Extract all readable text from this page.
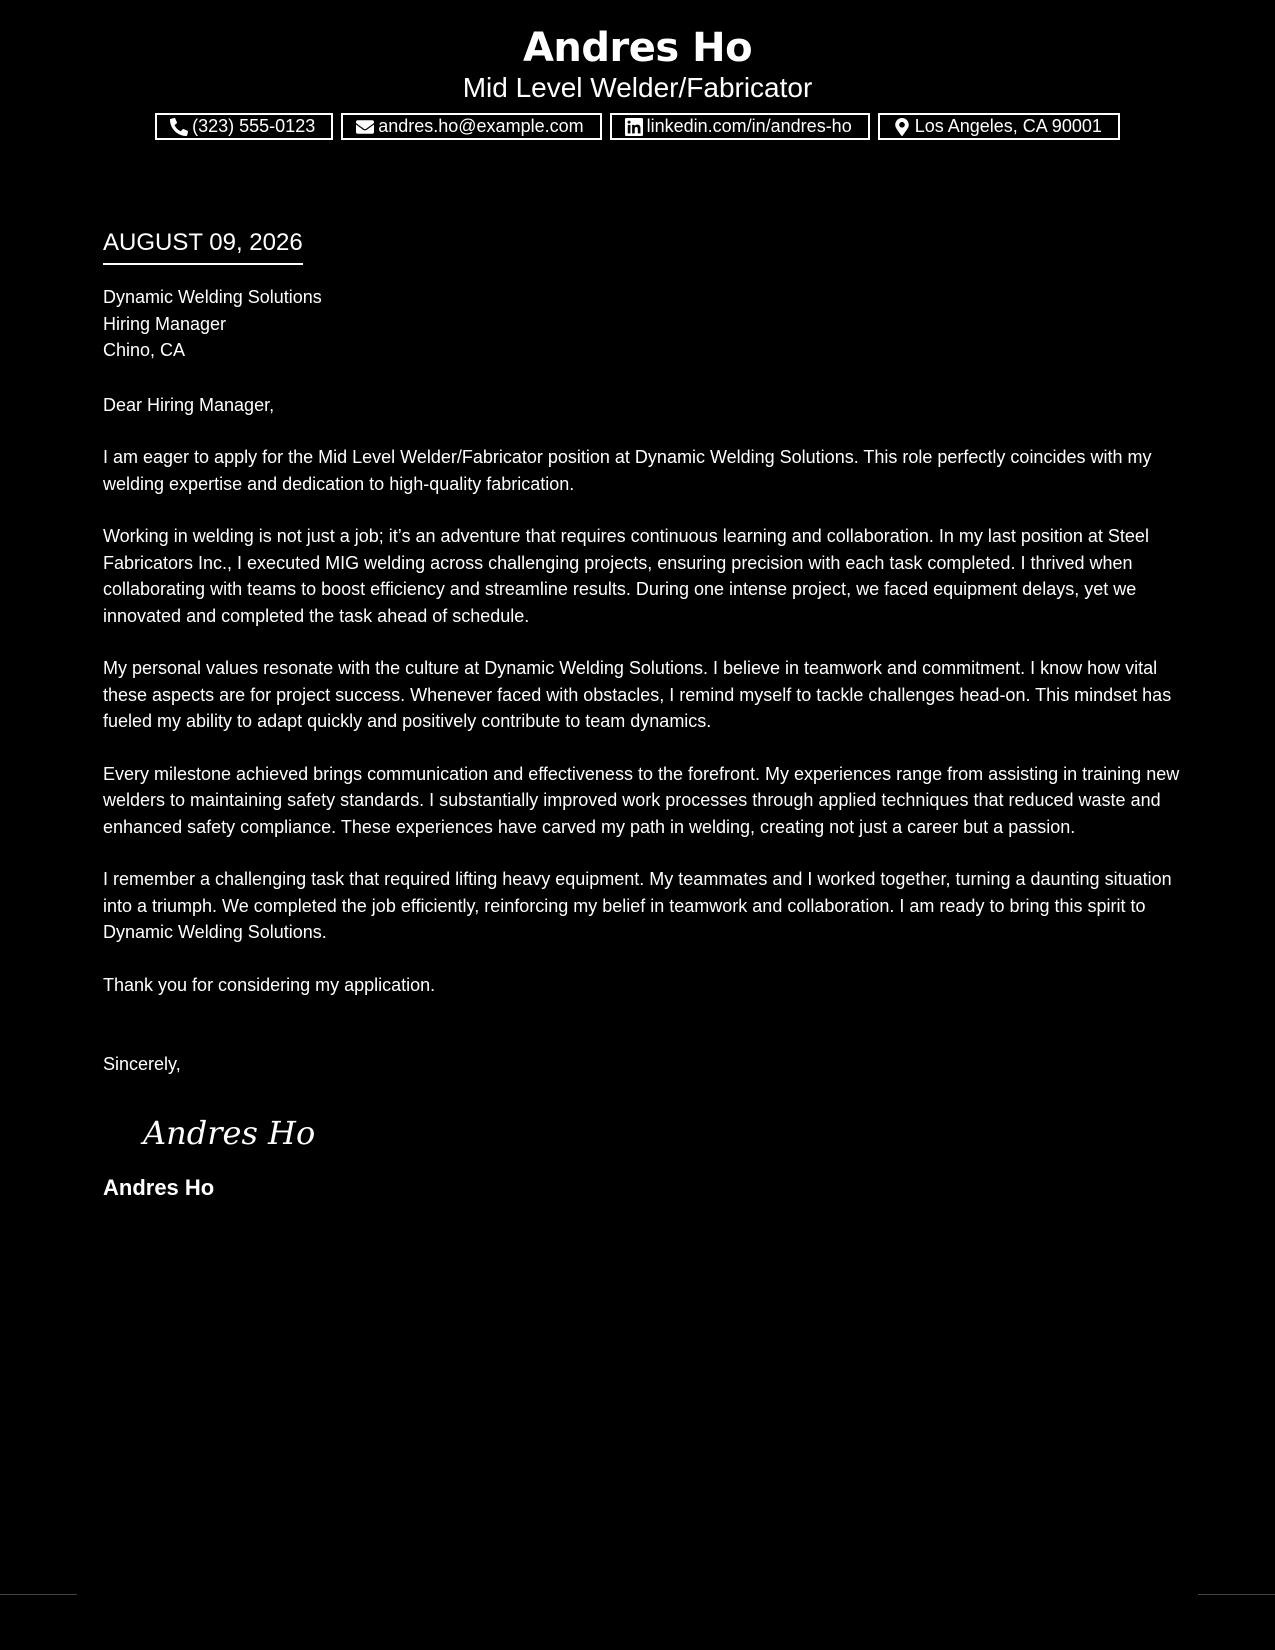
Andres Ho
Mid Level Welder/Fabricator
(323) 555-0123	andres.ho@example.com	linkedin.com/in/andres-ho	Los Angeles, CA 90001
AUGUST 09, 2026
Dynamic Welding Solutions
Hiring Manager
Chino, CA
Dear Hiring Manager,
I am eager to apply for the Mid Level Welder/Fabricator position at Dynamic Welding Solutions. This role perfectly coincides with my welding expertise and dedication to high-quality fabrication.
Working in welding is not just a job; it’s an adventure that requires continuous learning and collaboration. In my last position at Steel Fabricators Inc., I executed MIG welding across challenging projects, ensuring precision with each task completed. I thrived when collaborating with teams to boost efficiency and streamline results. During one intense project, we faced equipment delays, yet we innovated and completed the task ahead of schedule.
My personal values resonate with the culture at Dynamic Welding Solutions. I believe in teamwork and commitment. I know how vital these aspects are for project success. Whenever faced with obstacles, I remind myself to tackle challenges head-on. This mindset has fueled my ability to adapt quickly and positively contribute to team dynamics.
Every milestone achieved brings communication and effectiveness to the forefront. My experiences range from assisting in training new welders to maintaining safety standards. I substantially improved work processes through applied techniques that reduced waste and enhanced safety compliance. These experiences have carved my path in welding, creating not just a career but a passion.
I remember a challenging task that required lifting heavy equipment. My teammates and I worked together, turning a daunting situation into a triumph. We completed the job efficiently, reinforcing my belief in teamwork and collaboration. I am ready to bring this spirit to Dynamic Welding Solutions.
Thank you for considering my application.
Sincerely,
Andres Ho
Andres Ho
